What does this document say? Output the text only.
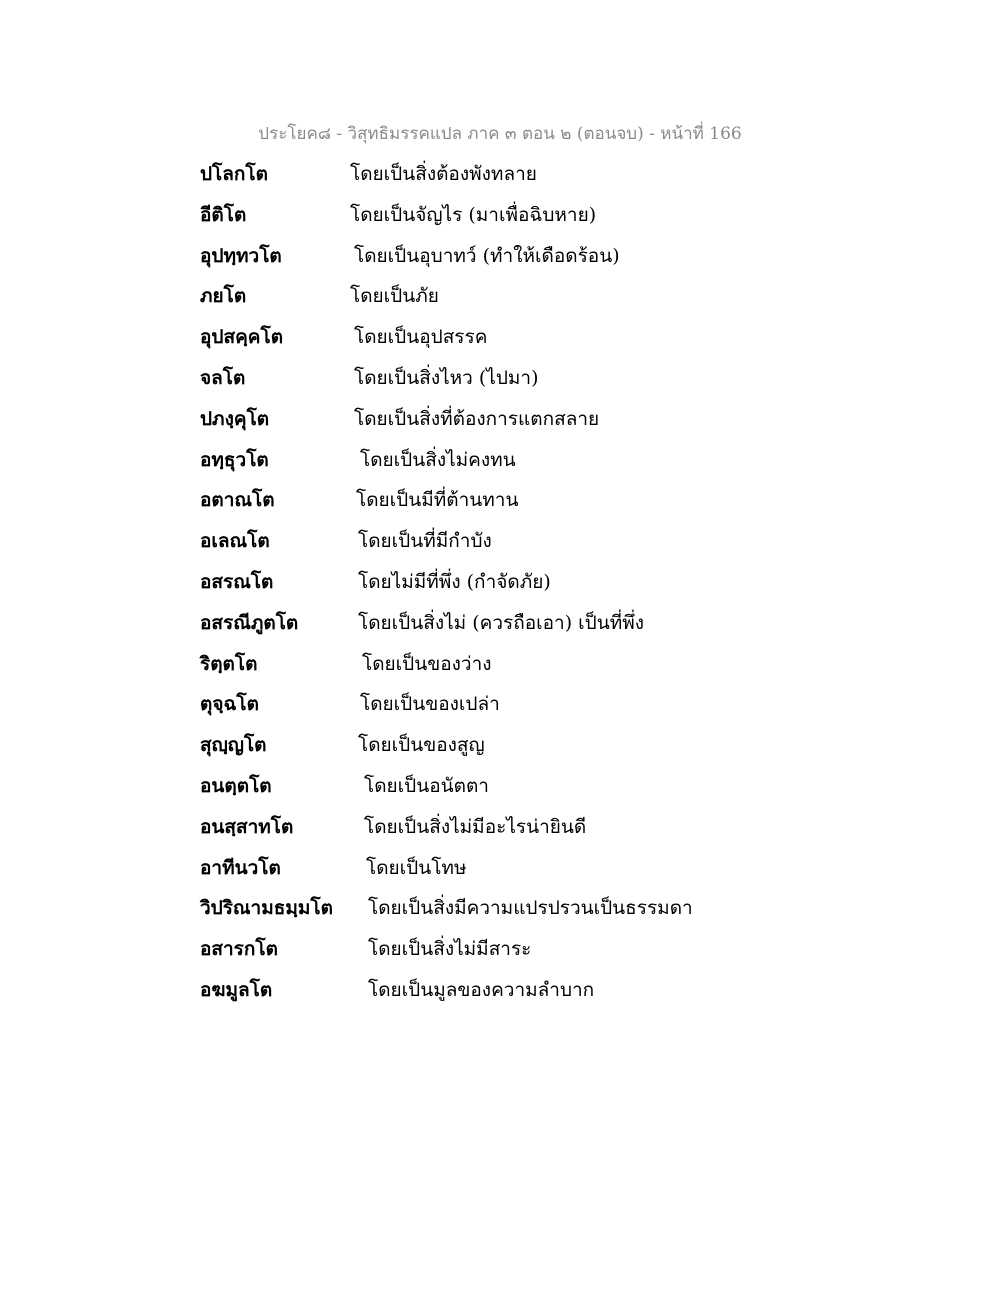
ประโยค๘ - วิสุทธิมรรคแปล ภาค ๓ ตอน ๒ (ตอนจบ) - หน้าที่ 166
ปโลกโต	โดยเป็นสิ่งต้องพังทลาย
อีติโต	โดยเป็นจัญไร (มาเพื่อฉิบหาย)
อุปทฺทวโต	โดยเป็นอุบาทว์ (ทำให้เดือดร้อน)
ภยโต	โดยเป็นภัย
อุปสคฺคโต	โดยเป็นอุปสรรค
จลโต	โดยเป็นสิ่งไหว (ไปมา)
ปภงฺคุโต	โดยเป็นสิ่งที่ต้องการแตกสลาย
อทฺธุวโต	โดยเป็นสิ่งไม่คงทน
อตาณโต	โดยเป็นมีที่ต้านทาน
อเลณโต	โดยเป็นที่มีกำบัง
อสรณโต	โดยไม่มีที่พึ่ง (กำจัดภัย)
อสรณีภูตโต	โดยเป็นสิ่งไม่ (ควรถือเอา) เป็นที่พึ่ง
ริตฺตโต	โดยเป็นของว่าง
ตุจฺฉโต	โดยเป็นของเปล่า
สุญฺญโต	โดยเป็นของสูญ
อนตฺตโต	โดยเป็นอนัตตา
อนสฺสาทโต	โดยเป็นสิ่งไม่มีอะไรน่ายินดี
อาทีนวโต	โดยเป็นโทษ
วิปริณามธมฺมโต โดยเป็นสิ่งมีความแปรปรวนเป็นธรรมดา
อสารกโต	โดยเป็นสิ่งไม่มีสาระ
อฆมูลโต	โดยเป็นมูลของความลำบาก
